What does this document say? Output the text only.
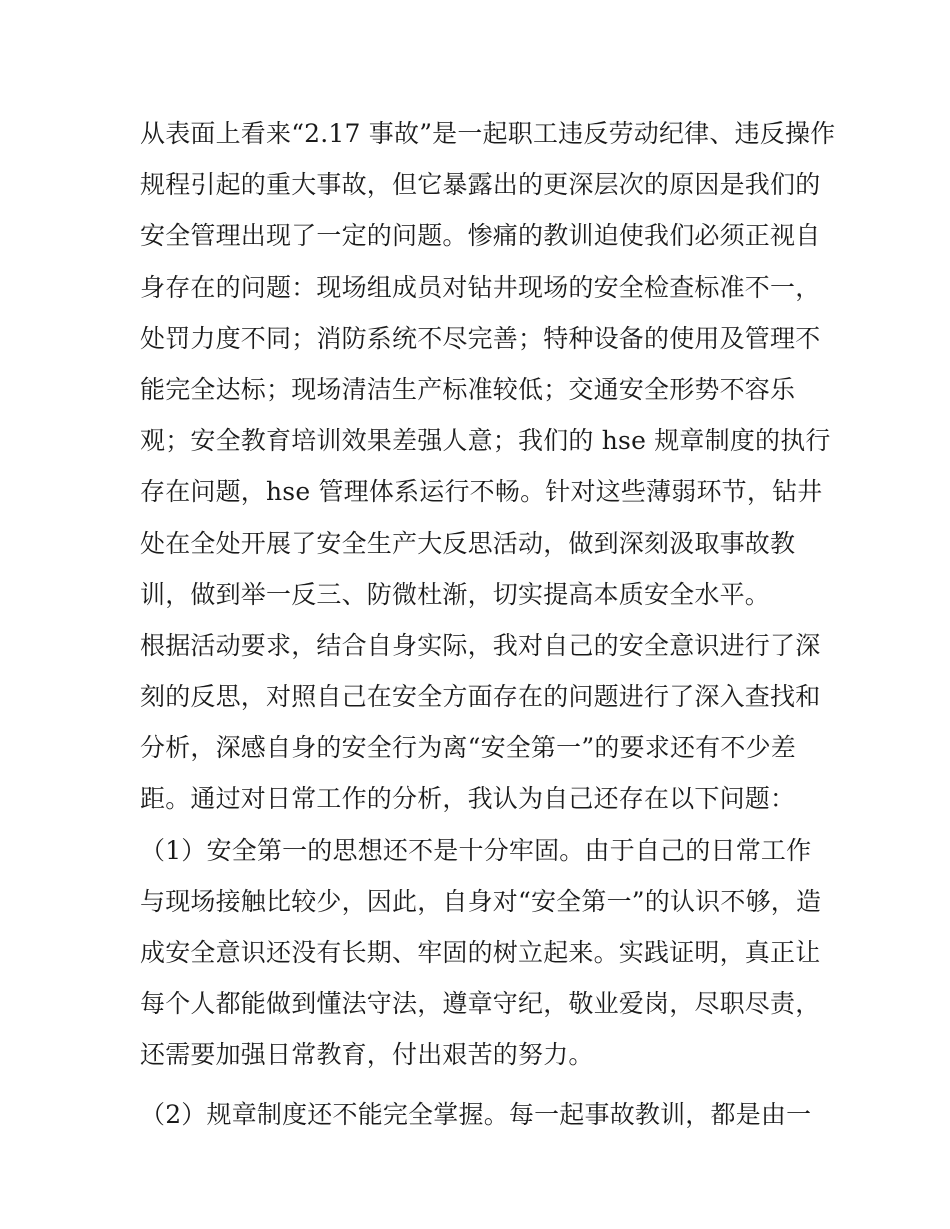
从表面上看来“2.17 事故”是一起职工违反劳动纪律、违反操作
规程引起的重大事故，但它暴露出的更深层次的原因是我们的
安全管理出现了一定的问题。惨痛的教训迫使我们必须正视自
身存在的问题：现场组成员对钻井现场的安全检查标准不一，
处罚力度不同；消防系统不尽完善；特种设备的使用及管理不
能完全达标；现场清洁生产标准较低；交通安全形势不容乐
观；安全教育培训效果差强人意；我们的 hse 规章制度的执行
存在问题，hse 管理体系运行不畅。针对这些薄弱环节，钻井
处在全处开展了安全生产大反思活动，做到深刻汲取事故教
训，做到举一反三、防微杜渐，切实提高本质安全水平。
根据活动要求，结合自身实际，我对自己的安全意识进行了深
刻的反思，对照自己在安全方面存在的问题进行了深入查找和
分析，深感自身的安全行为离“安全第一”的要求还有不少差
距。通过对日常工作的分析，我认为自己还存在以下问题：
（1）安全第一的思想还不是十分牢固。由于自己的日常工作
与现场接触比较少，因此，自身对“安全第一”的认识不够，造
成安全意识还没有长期、牢固的树立起来。实践证明，真正让
每个人都能做到懂法守法，遵章守纪，敬业爱岗，尽职尽责，
还需要加强日常教育，付出艰苦的努力。
（2）规章制度还不能完全掌握。每一起事故教训，都是由一
